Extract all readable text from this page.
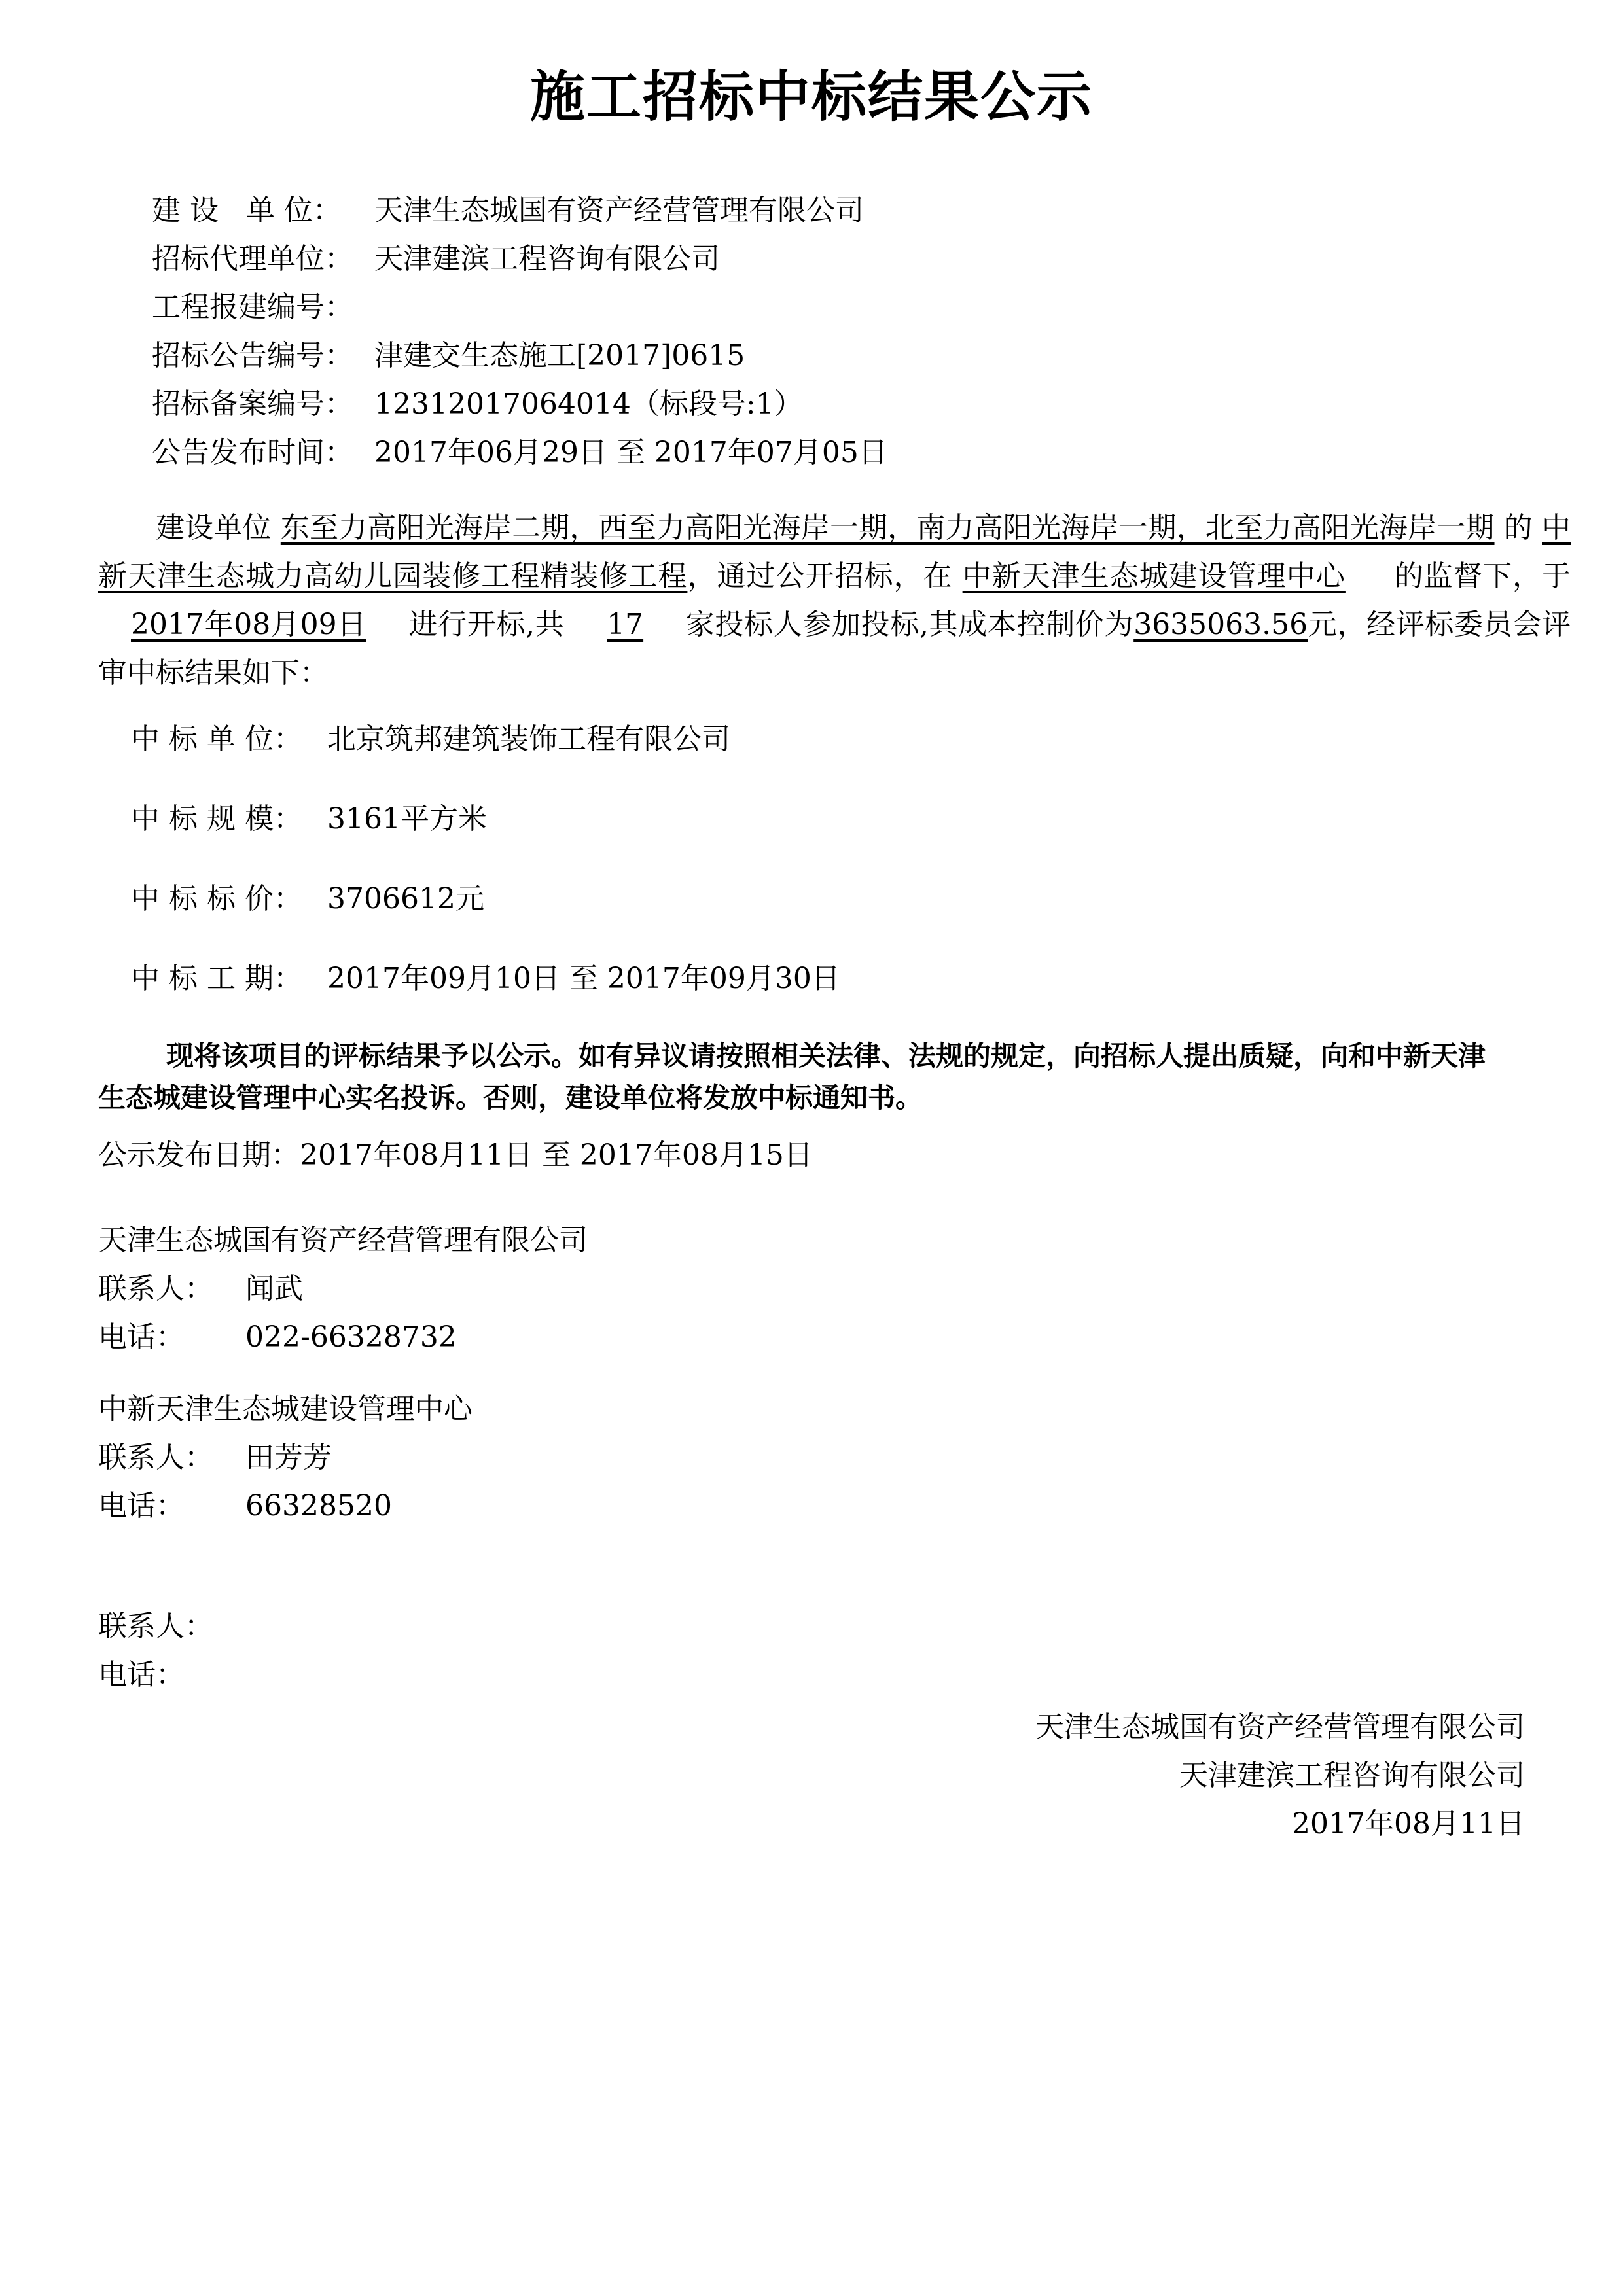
施工招标中标结果公示
建 设   单 位： 天津生态城国有资产经营管理有限公司
招标代理单位： 天津建滨工程咨询有限公司
工程报建编号：
招标公告编号： 津建交生态施工[2017]0615
招标备案编号： 12312017064014（标段号:1）
公告发布时间： 2017年06月29日 至 2017年07月05日
建设单位 东至力高阳光海岸二期，西至力高阳光海岸一期，南力高阳光海岸一期，北至力高阳光海岸一期 的 中新天津生态城力高幼儿园装修工程精装修工程，通过公开招标，在 中新天津生态城建设管理中心 的监督下，于 2017年08月09日 进行开标,共 17 家投标人参加投标,其成本控制价为3635063.56元，经评标委员会评审中标结果如下：
中 标 单 位： 北京筑邦建筑装饰工程有限公司
中 标 规 模： 3161平方米
中 标 标 价： 3706612元
中 标 工 期： 2017年09月10日 至 2017年09月30日
现将该项目的评标结果予以公示。如有异议请按照相关法律、法规的规定，向招标人提出质疑，向和中新天津生态城建设管理中心实名投诉。否则，建设单位将发放中标通知书。
公示发布日期：2017年08月11日 至 2017年08月15日
天津生态城国有资产经营管理有限公司
联系人： 闻武
电话： 022-66328732
中新天津生态城建设管理中心
联系人： 田芳芳
电话： 66328520
联系人：
电话：
天津生态城国有资产经营管理有限公司
天津建滨工程咨询有限公司
2017年08月11日
